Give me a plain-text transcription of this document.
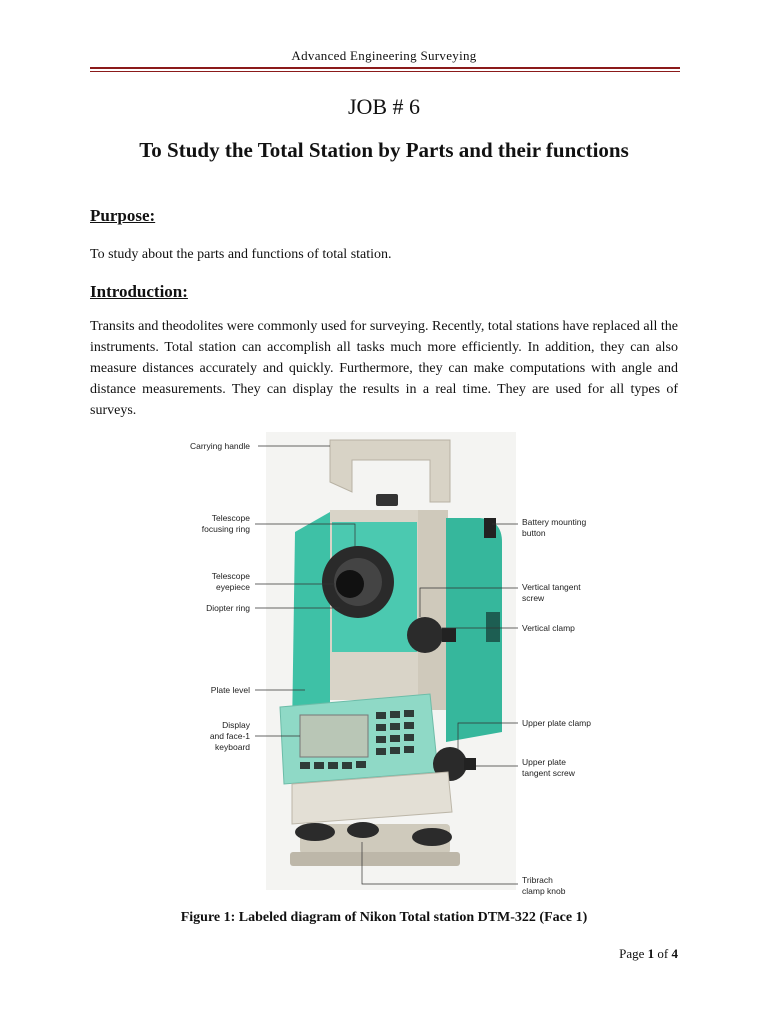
Advanced Engineering Surveying
JOB # 6
To Study the Total Station by Parts and their functions
Purpose:
To study about the parts and functions of total station.
Introduction:
Transits and theodolites were commonly used for surveying. Recently, total stations have replaced all the instruments. Total station can accomplish all tasks much more efficiently. In addition, they can also measure distances accurately and quickly. Furthermore, they can make computations with angle and distance measurements. They can display the results in a real time. They are used for all types of surveys.
Carrying handle
Telescope
focusing ring
Telescope
eyepiece
Diopter ring
Plate level
Display
and face-1
keyboard
Battery mounting
button
Vertical tangent
screw
Vertical clamp
Upper plate clamp
Upper plate
tangent screw
Tribrach
clamp knob
Figure 1: Labeled diagram of Nikon Total station DTM-322 (Face 1)
Page 1 of 4
